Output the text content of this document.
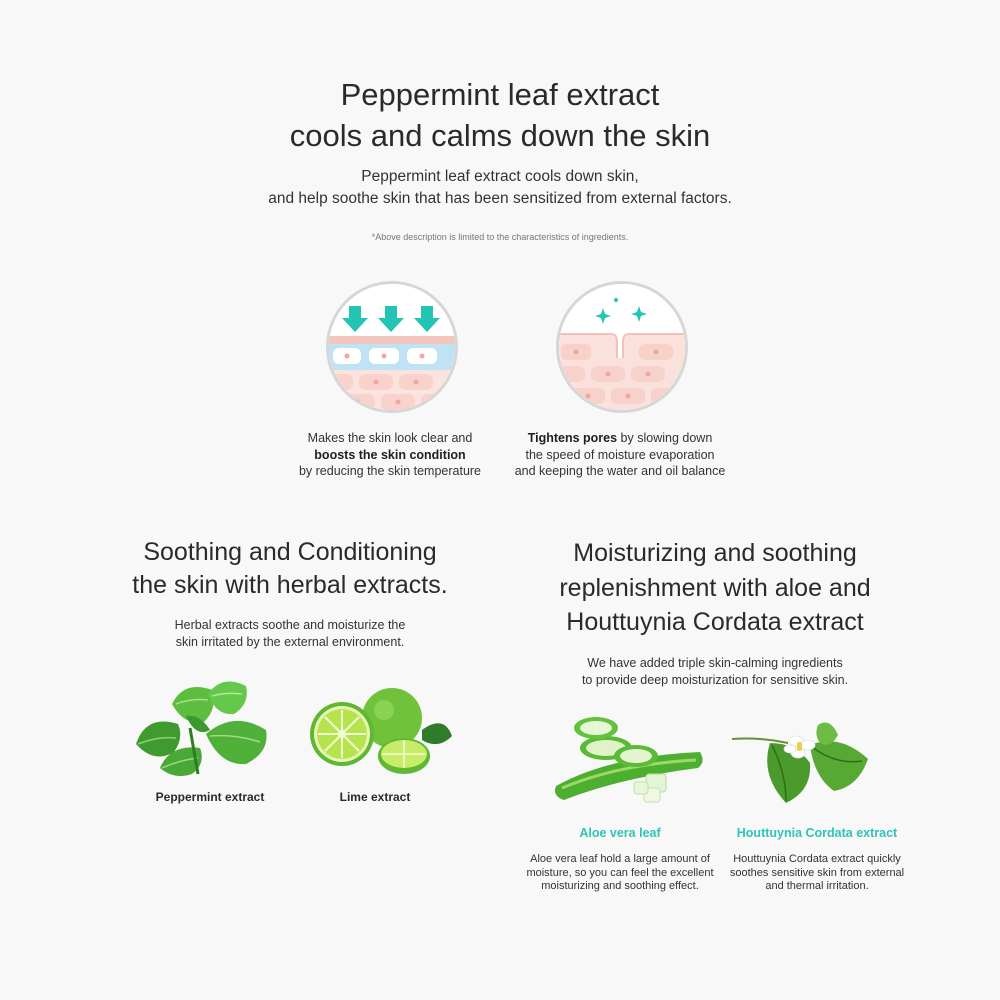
Peppermint leaf extract
cools and calms down the skin
Peppermint leaf extract cools down skin,
and help soothe skin that has been sensitized from external factors.
*Above description is limited to the characteristics of ingredients.
Makes the skin look clear and
boosts the skin condition
by reducing the skin temperature
Tightens pores by slowing down
the speed of moisture evaporation
and keeping the water and oil balance
Soothing and Conditioning
the skin with herbal extracts.
Herbal extracts soothe and moisturize the
skin irritated by the external environment.
Peppermint extract	Lime extract
Moisturizing and soothing
replenishment with aloe and
Houttuynia Cordata extract
We have added triple skin-calming ingredients
to provide deep moisturization for sensitive skin.
Aloe vera leaf	Houttuynia Cordata extract
Aloe vera leaf hold a large amount of
moisture, so you can feel the excellent
moisturizing and soothing effect.
Houttuynia Cordata extract quickly
soothes sensitive skin from external
and thermal irritation.
